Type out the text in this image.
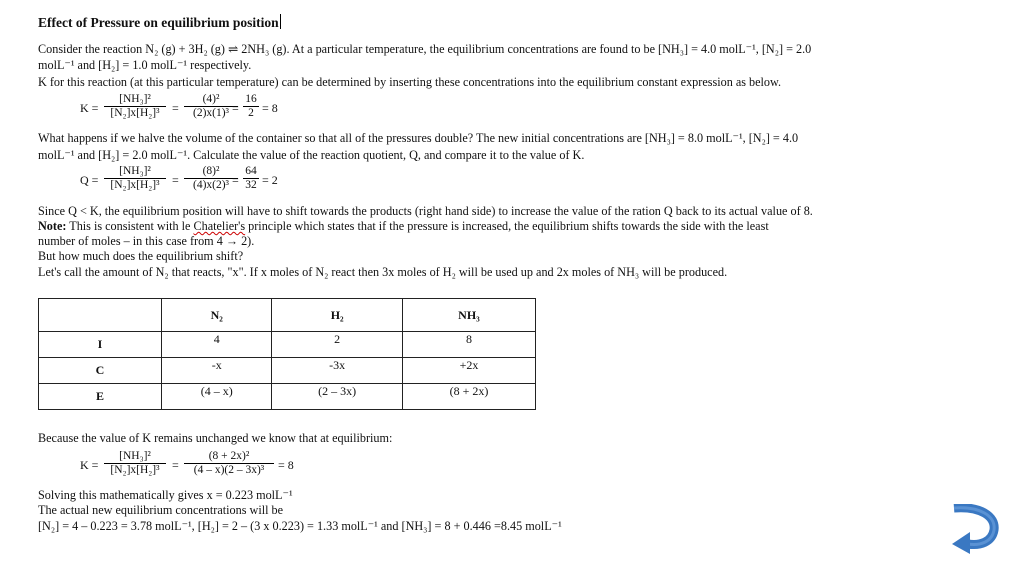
Effect of Pressure on equilibrium position
Consider the reaction N₂ (g) + 3H₂ (g) ⇌ 2NH₃ (g). At a particular temperature, the equilibrium concentrations are found to be [NH₃] = 4.0 molL⁻¹, [N₂] = 2.0
molL⁻¹ and [H₂] = 1.0 molL⁻¹ respectively.
K for this reaction (at this particular temperature) can be determined by inserting these concentrations into the equilibrium constant expression as below.
$K = \frac{\text{[NH₃]²}}{\text{[N₂]x[H₂]³}} = \frac{\text{(4)²}}{\text{(2)x(1)³}}$
= $\frac{16}{2} = 8$
What happens if we halve the volume of the container so that all of the pressures double? The new initial concentrations are [NH₃] = 8.0 molL⁻¹, [N₂] = 4.0
molL⁻¹ and [H₂] = 2.0 molL⁻¹. Calculate the value of the reaction quotient, Q, and compare it to the value of K.
$Q = \frac{\text{[NH₃]²}}{\text{[N₂]x[H₂]³}} = \frac{\text{(8)²}}{\text{(4)x(2)³}}$
= $\frac{64}{32} = 2$
Since Q < K, the equilibrium position will have to shift towards the products (right hand side) to increase the value of the ration Q back to its actual value of 8.
Note: This is consistent with le Chatelier's principle which states that if the pressure is increased, the equilibrium shifts towards the side with the least
number of moles – in this case from 4 → 2).
But how much does the equilibrium shift?
Let's call the amount of N₂ that reacts, "x". If x moles of N₂ react then 3x moles of H₂ will be used up and 2x moles of NH₃ will be produced.
	N₂	H₂	NH₃
I	4	2	8
C	-x	-3x	+2x
E	(4 – x)	(2 – 3x)	(8 + 2x)
Because the value of K remains unchanged we know that at equilibrium:
$K = \frac{\text{[NH₃]²}}{\text{[N₂]x[H₂]³}} = \frac{\text{(8 + 2x)²}}{\text{(4 – x)(2 – 3x)³}} = 8$
Solving this mathematically gives x = 0.223 molL⁻¹
The actual new equilibrium concentrations will be
[N₂] = 4 – 0.223 = 3.78 molL⁻¹, [H₂] = 2 – (3 x 0.223) = 1.33 molL⁻¹ and [NH₃] = 8 + 0.446 =8.45 molL⁻¹
